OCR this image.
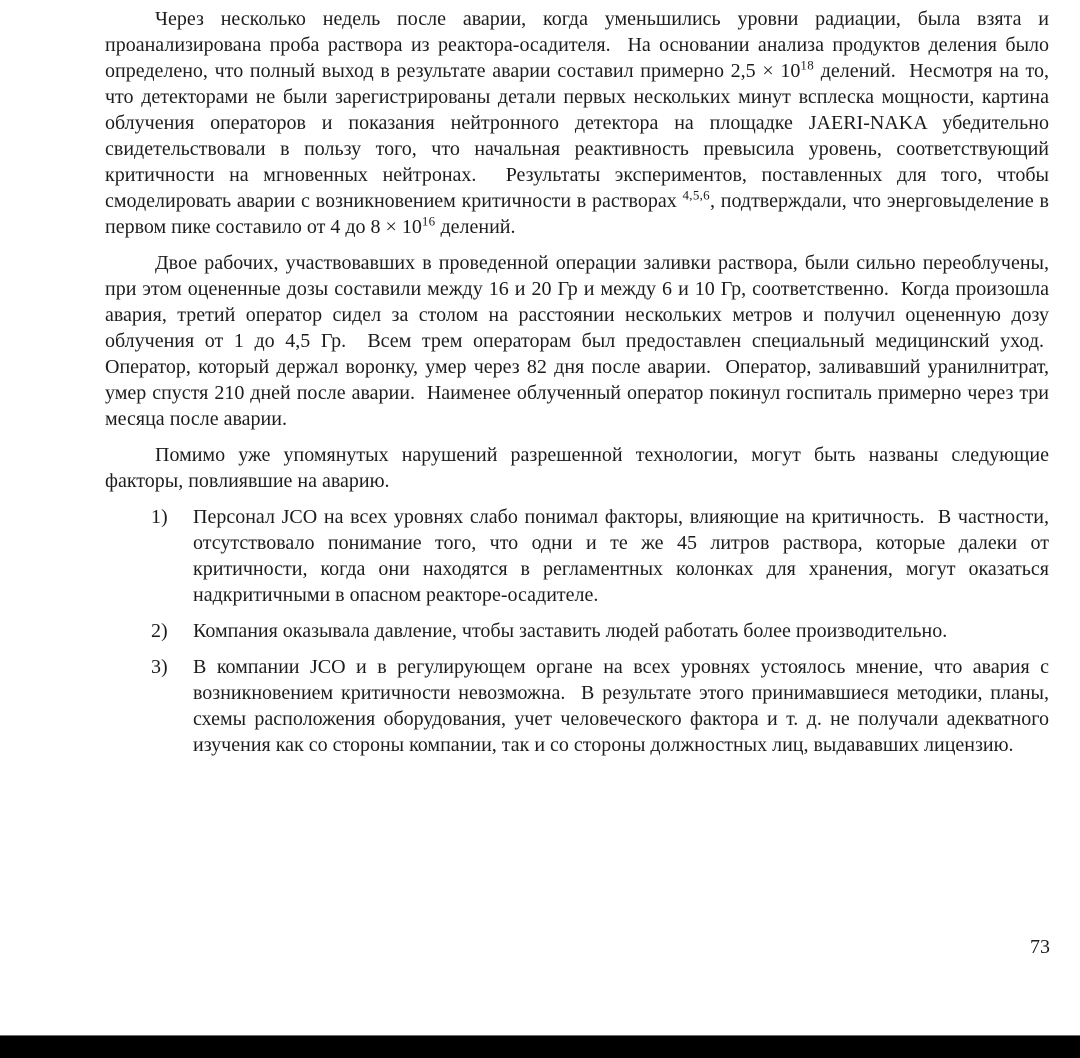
Через несколько недель после аварии, когда уменьшились уровни радиации, была взята и проанализирована проба раствора из реактора-осадителя.  На основании анализа продуктов деления было определено, что полный выход в результате аварии составил примерно $2,5 \times 10^{18}$ делений.  Несмотря на то, что детекторами не были зарегистрированы детали первых нескольких минут всплеска мощности, картина облучения операторов и показания нейтронного детектора на площадке JAERI-NAKA убедительно свидетельствовали в пользу того, что начальная реактивность превысила уровень, соответствующий критичности на мгновенных нейтронах.  Результаты экспериментов, поставленных для того, чтобы смоделировать аварии с возникновением критичности в растворах $^{4,5,6}$, подтверждали, что энерговыделение в первом пике составило от 4 до $8 \times 10^{16}$ делений.

Двое рабочих, участвовавших в проведенной операции заливки раствора, были сильно переоблучены, при этом оцененные дозы составили между 16 и 20 Гр и между 6 и 10 Гр, соответственно.  Когда произошла авария, третий оператор сидел за столом на расстоянии нескольких метров и получил оцененную дозу облучения от 1 до 4,5 Гр.  Всем трем операторам был предоставлен специальный медицинский уход.  Оператор, который держал воронку, умер через 82 дня после аварии.  Оператор, заливавший уранилнитрат, умер спустя 210 дней после аварии.  Наименее облученный оператор покинул госпиталь примерно через три месяца после аварии.

Помимо уже упомянутых нарушений разрешенной технологии, могут быть названы следующие факторы, повлиявшие на аварию.

1) Персонал JCO на всех уровнях слабо понимал факторы, влияющие на критичность.  В частности, отсутствовало понимание того, что одни и те же 45 литров раствора, которые далеки от критичности, когда они находятся в регламентных колонках для хранения, могут оказаться надкритичными в опасном реакторе-осадителе.
2) Компания оказывала давление, чтобы заставить людей работать более производительно.
3) В компании JCO и в регулирующем органе на всех уровнях устоялось мнение, что авария с возникновением критичности невозможна.  В результате этого принимавшиеся методики, планы, схемы расположения оборудования, учет человеческого фактора и т. д. не получали адекватного изучения как со стороны компании, так и со стороны должностных лиц, выдававших лицензию.
73
